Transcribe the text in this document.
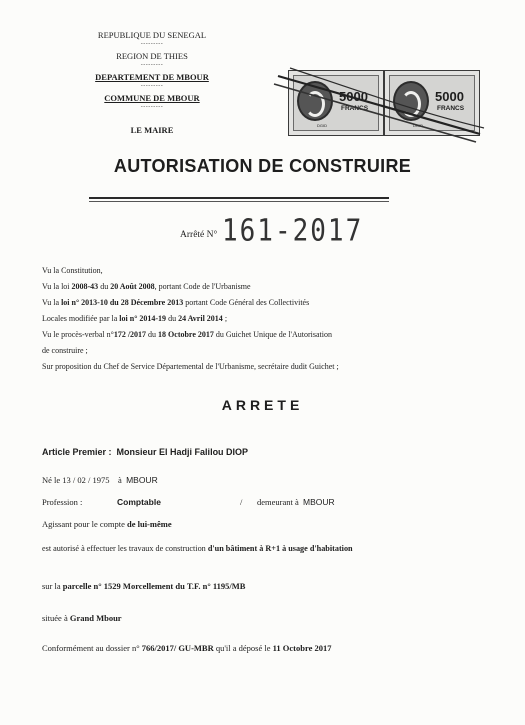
REPUBLIQUE DU SENEGAL
---------
REGION DE THIES
---------
DEPARTEMENT DE MBOUR
---------
COMMUNE DE MBOUR
---------
LE MAIRE
5000
FRANCS
DGID
5000
FRANCS
DGID
AUTORISATION DE CONSTRUIRE
Arrêté N° 161-2017
Vu la Constitution,
Vu la loi 2008-43 du 20 Août 2008, portant Code de l'Urbanisme
Vu la loi n° 2013-10 du 28 Décembre 2013 portant Code Général des Collectivités
Locales modifiée par la loi n° 2014-19 du 24 Avril 2014 ;
Vu le procès-verbal n°172 /2017 du 18 Octobre 2017 du Guichet Unique de l'Autorisation
de construire ;
Sur proposition du Chef de Service Départemental de l'Urbanisme, secrétaire dudit Guichet ;
ARRETE
Article Premier : Monsieur El Hadji Falilou DIOP
Né le 13 / 02 / 1975 à MBOUR
Profession :	Comptable	/ demeurant à MBOUR
Agissant pour le compte de lui-même
est autorisé à effectuer les travaux de construction d'un bâtiment à R+1 à usage d'habitation
sur la parcelle n° 1529 Morcellement du T.F. n° 1195/MB
située à Grand Mbour
Conformément au dossier n° 766/2017/ GU-MBR qu'il a déposé le 11 Octobre 2017
